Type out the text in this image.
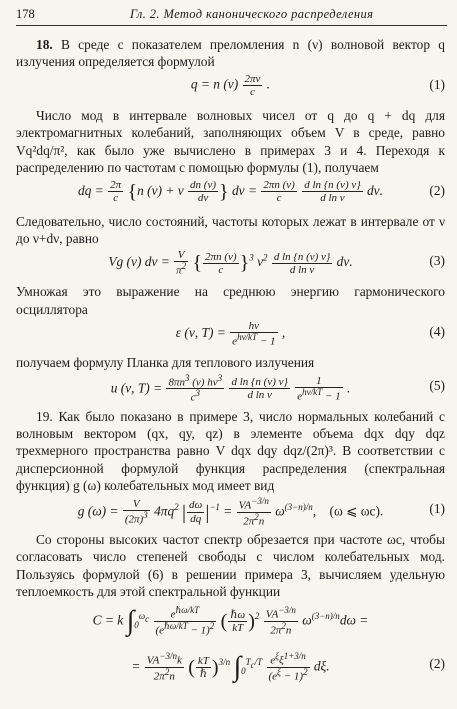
178	Гл. 2. Метод канонического распределения

18. В среде с показателем преломления n (ν) волновой вектор q излучения определяется формулой

q = n $(\nu) \frac{2\pi\nu}{c}$ .	(1)

Число мод в интервале волновых чисел от q до q + dq для электромагнитных колебаний, заполняющих объем V в среде, равно Vq²dq/π², как было уже вычислено в примерах 3 и 4. Переходя к распределению по частотам с помощью формулы (1), получаем

dq = $\frac{2\pi}{c} \{n$ (ν) + ν $\frac{dn (\nu)}{d\nu}$ } $d\nu = \frac{2\pi n (\nu)}{c}$
$\frac{\text{d ln \{n (ν) ν\}}}{\text{d ln ν}} d\nu$.	(2)

Следовательно, число состояний, частоты которых лежат в интервале от ν до ν+dν, равно

Vg (ν) $d\nu = \frac{V}{\pi^2}$ { $\frac{2\pi n (\nu)}{c} \}^3$ $\nu^2 \frac{\text{d ln \{n (ν) ν\}}}{\text{d ln ν}} d\nu$.	(3)

Умножая это выражение на среднюю энергию гармонического осциллятора

ε (ν, $T) = \frac{h\nu}{e^{h\nu/kT} - 1}$ ,	(4)

получаем формулу Планка для теплового излучения

u (ν, $T) = \frac{8\pi n^3 (\nu) h\nu^3}{c^3}$
$\frac{\text{d ln \{n (ν) ν\}}}{\text{d ln ν}}$
$\frac{1}{e^{h\nu/kT} - 1}$ .	(5)

19. Как было показано в примере 3, число нормальных колебаний с волновым вектором (qx, qy, qz) в элементе объема dqx dqy dqz трехмерного пространства равно V dqx dqy dqz/(2π)³. В соответствии с дисперсионной формулой функция распределения (спектральная функция) g (ω) колебательных мод имеет вид

g $(\omega) = \frac{V}{(2\pi)^3} 4\pi q^2$ | $\frac{d\omega}{dq} |^{-1} = \frac{VA^{-3/n}}{2\pi^2n} \omega^{(3-n)/n}$,    (ω ⩽ ωc).	(1)

Со стороны высоких частот спектр обрезается при частоте ωc, чтобы согласовать число степеней свободы с числом колебательных мод. Пользуясь формулой (6) в решении примера 3, вычисляем удельную теплоемкость для этой спектральной функции

C = k $\int_0^{\omega_c} \frac{e^{\hbar\omega/kT}}{(e^{\hbar\omega/kT} - 1)^2}$ ( $\frac{\text{ℏω}}{kT} )^2 \frac{VA^{-3/n}}{2\pi^2n} \omega^{(3-n)/n}d\omega$ =
= $\frac{VA^{-3/n}k}{2\pi^2n}$ ( $\frac{kT}{\text{ℏ}} )^{3/n}$ $\int_0^{T_c/T} \frac{e^\xi\xi^{1+3/n}}{(e^\xi - 1)^2} d\xi$.	(2)
